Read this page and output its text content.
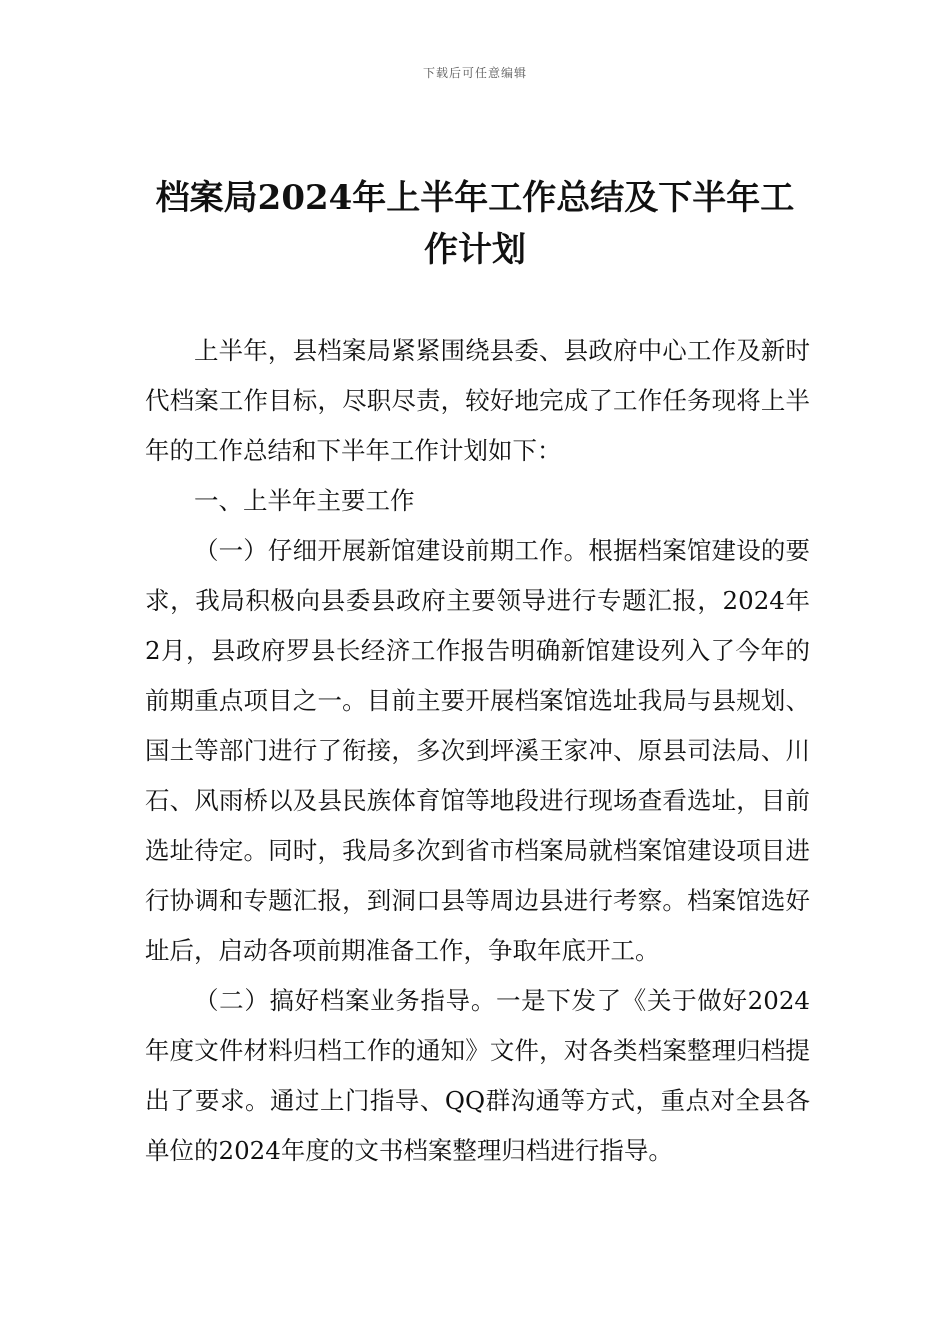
下载后可任意编辑
档案局2024年上半年工作总结及下半年工作计划

上半年，县档案局紧紧围绕县委、县政府中心工作及新时代档案工作目标，尽职尽责，较好地完成了工作任务现将上半年的工作总结和下半年工作计划如下：

一、上半年主要工作

（一）仔细开展新馆建设前期工作。根据档案馆建设的要求，我局积极向县委县政府主要领导进行专题汇报，2024年2月，县政府罗县长经济工作报告明确新馆建设列入了今年的前期重点项目之一。目前主要开展档案馆选址我局与县规划、国土等部门进行了衔接，多次到坪溪王家冲、原县司法局、川石、风雨桥以及县民族体育馆等地段进行现场查看选址，目前选址待定。同时，我局多次到省市档案局就档案馆建设项目进行协调和专题汇报，到洞口县等周边县进行考察。档案馆选好址后，启动各项前期准备工作，争取年底开工。

（二）搞好档案业务指导。一是下发了《关于做好2024年度文件材料归档工作的通知》文件，对各类档案整理归档提出了要求。通过上门指导、QQ群沟通等方式，重点对全县各单位的2024年度的文书档案整理归档进行指导。
